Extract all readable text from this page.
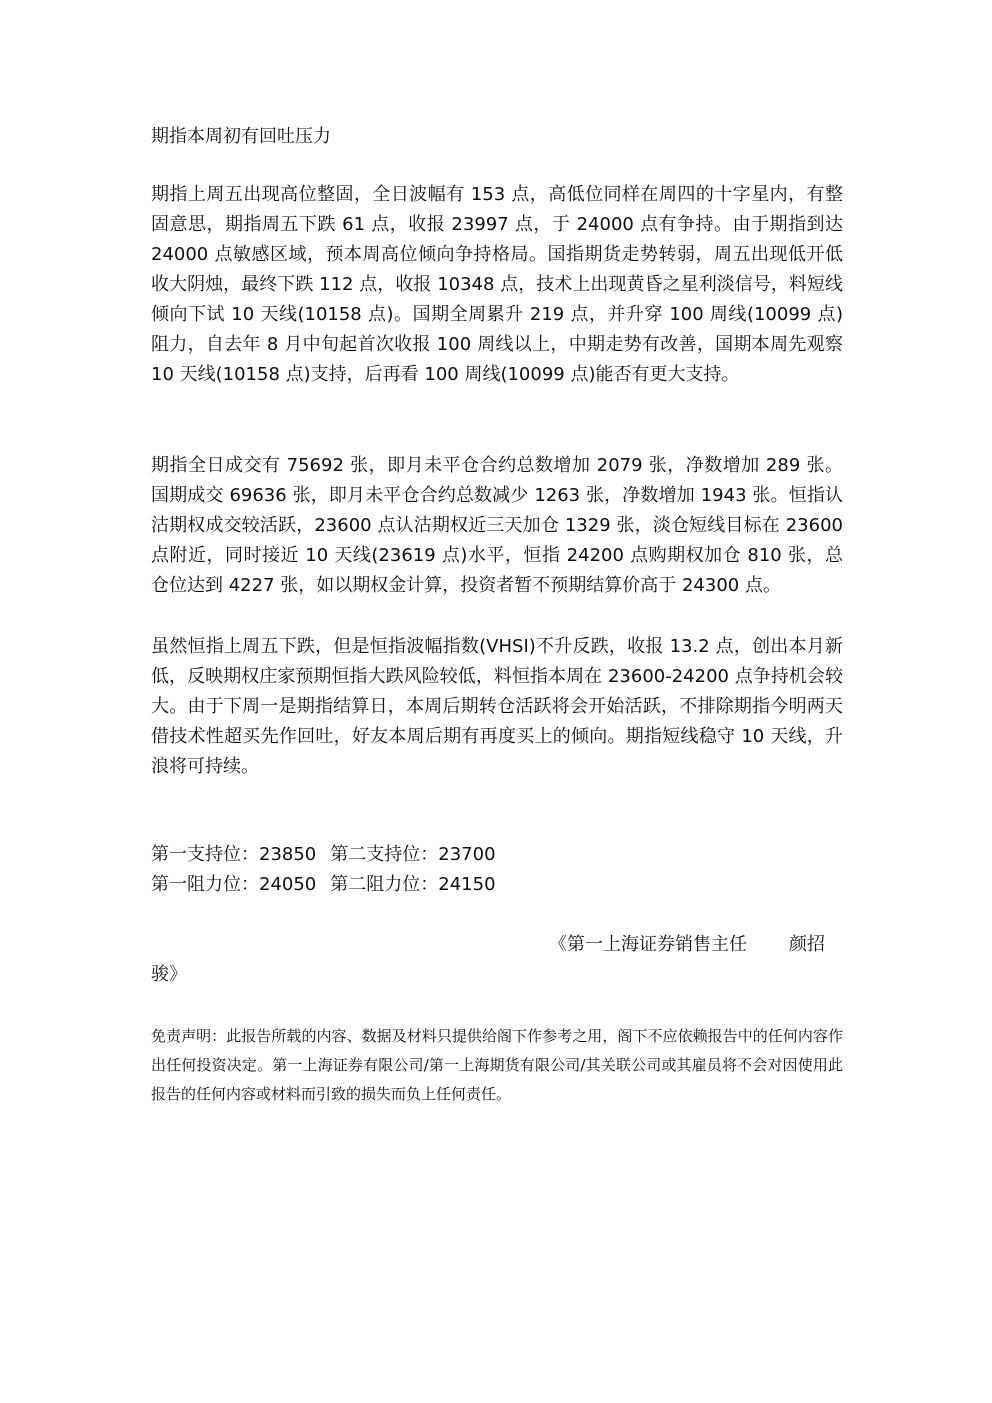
期指本周初有回吐压力

期指上周五出现高位整固，全日波幅有 153 点，高低位同样在周四的十字星内，有整固意思，期指周五下跌 61 点，收报 23997 点，于 24000 点有争持。由于期指到达 24000 点敏感区域，预本周高位倾向争持格局。国指期货走势转弱，周五出现低开低收大阴烛，最终下跌 112 点，收报 10348 点，技术上出现黄昏之星利淡信号，料短线倾向下试 10 天线(10158 点)。国期全周累升 219 点，并升穿 100 周线(10099 点)阻力，自去年 8 月中旬起首次收报 100 周线以上，中期走势有改善，国期本周先观察 10 天线(10158 点)支持，后再看 100 周线(10099 点)能否有更大支持。

期指全日成交有 75692 张，即月未平仓合约总数增加 2079 张，净数增加 289 张。国期成交 69636 张，即月未平仓合约总数减少 1263 张，净数增加 1943 张。恒指认沽期权成交较活跃，23600 点认沽期权近三天加仓 1329 张，淡仓短线目标在 23600 点附近，同时接近 10 天线(23619 点)水平，恒指 24200 点购期权加仓 810 张，总仓位达到 4227 张，如以期权金计算，投资者暂不预期结算价高于 24300 点。

虽然恒指上周五下跌，但是恒指波幅指数(VHSI)不升反跌，收报 13.2 点，创出本月新低，反映期权庄家预期恒指大跌风险较低，料恒指本周在 23600-24200 点争持机会较大。由于下周一是期指结算日，本周后期转仓活跃将会开始活跃，不排除期指今明两天借技术性超买先作回吐，好友本周后期有再度买上的倾向。期指短线稳守 10 天线，升浪将可持续。

第一支持位：23850 第二支持位：23700
第一阻力位：24050 第二阻力位：24150
《第一上海证券销售主任 颜招
骏》

免责声明：此报告所载的内容、数据及材料只提供给阁下作参考之用，阁下不应依赖报告中的任何内容作出任何投资决定。第一上海证券有限公司/第一上海期货有限公司/其关联公司或其雇员将不会对因使用此报告的任何内容或材料而引致的损失而负上任何责任。
